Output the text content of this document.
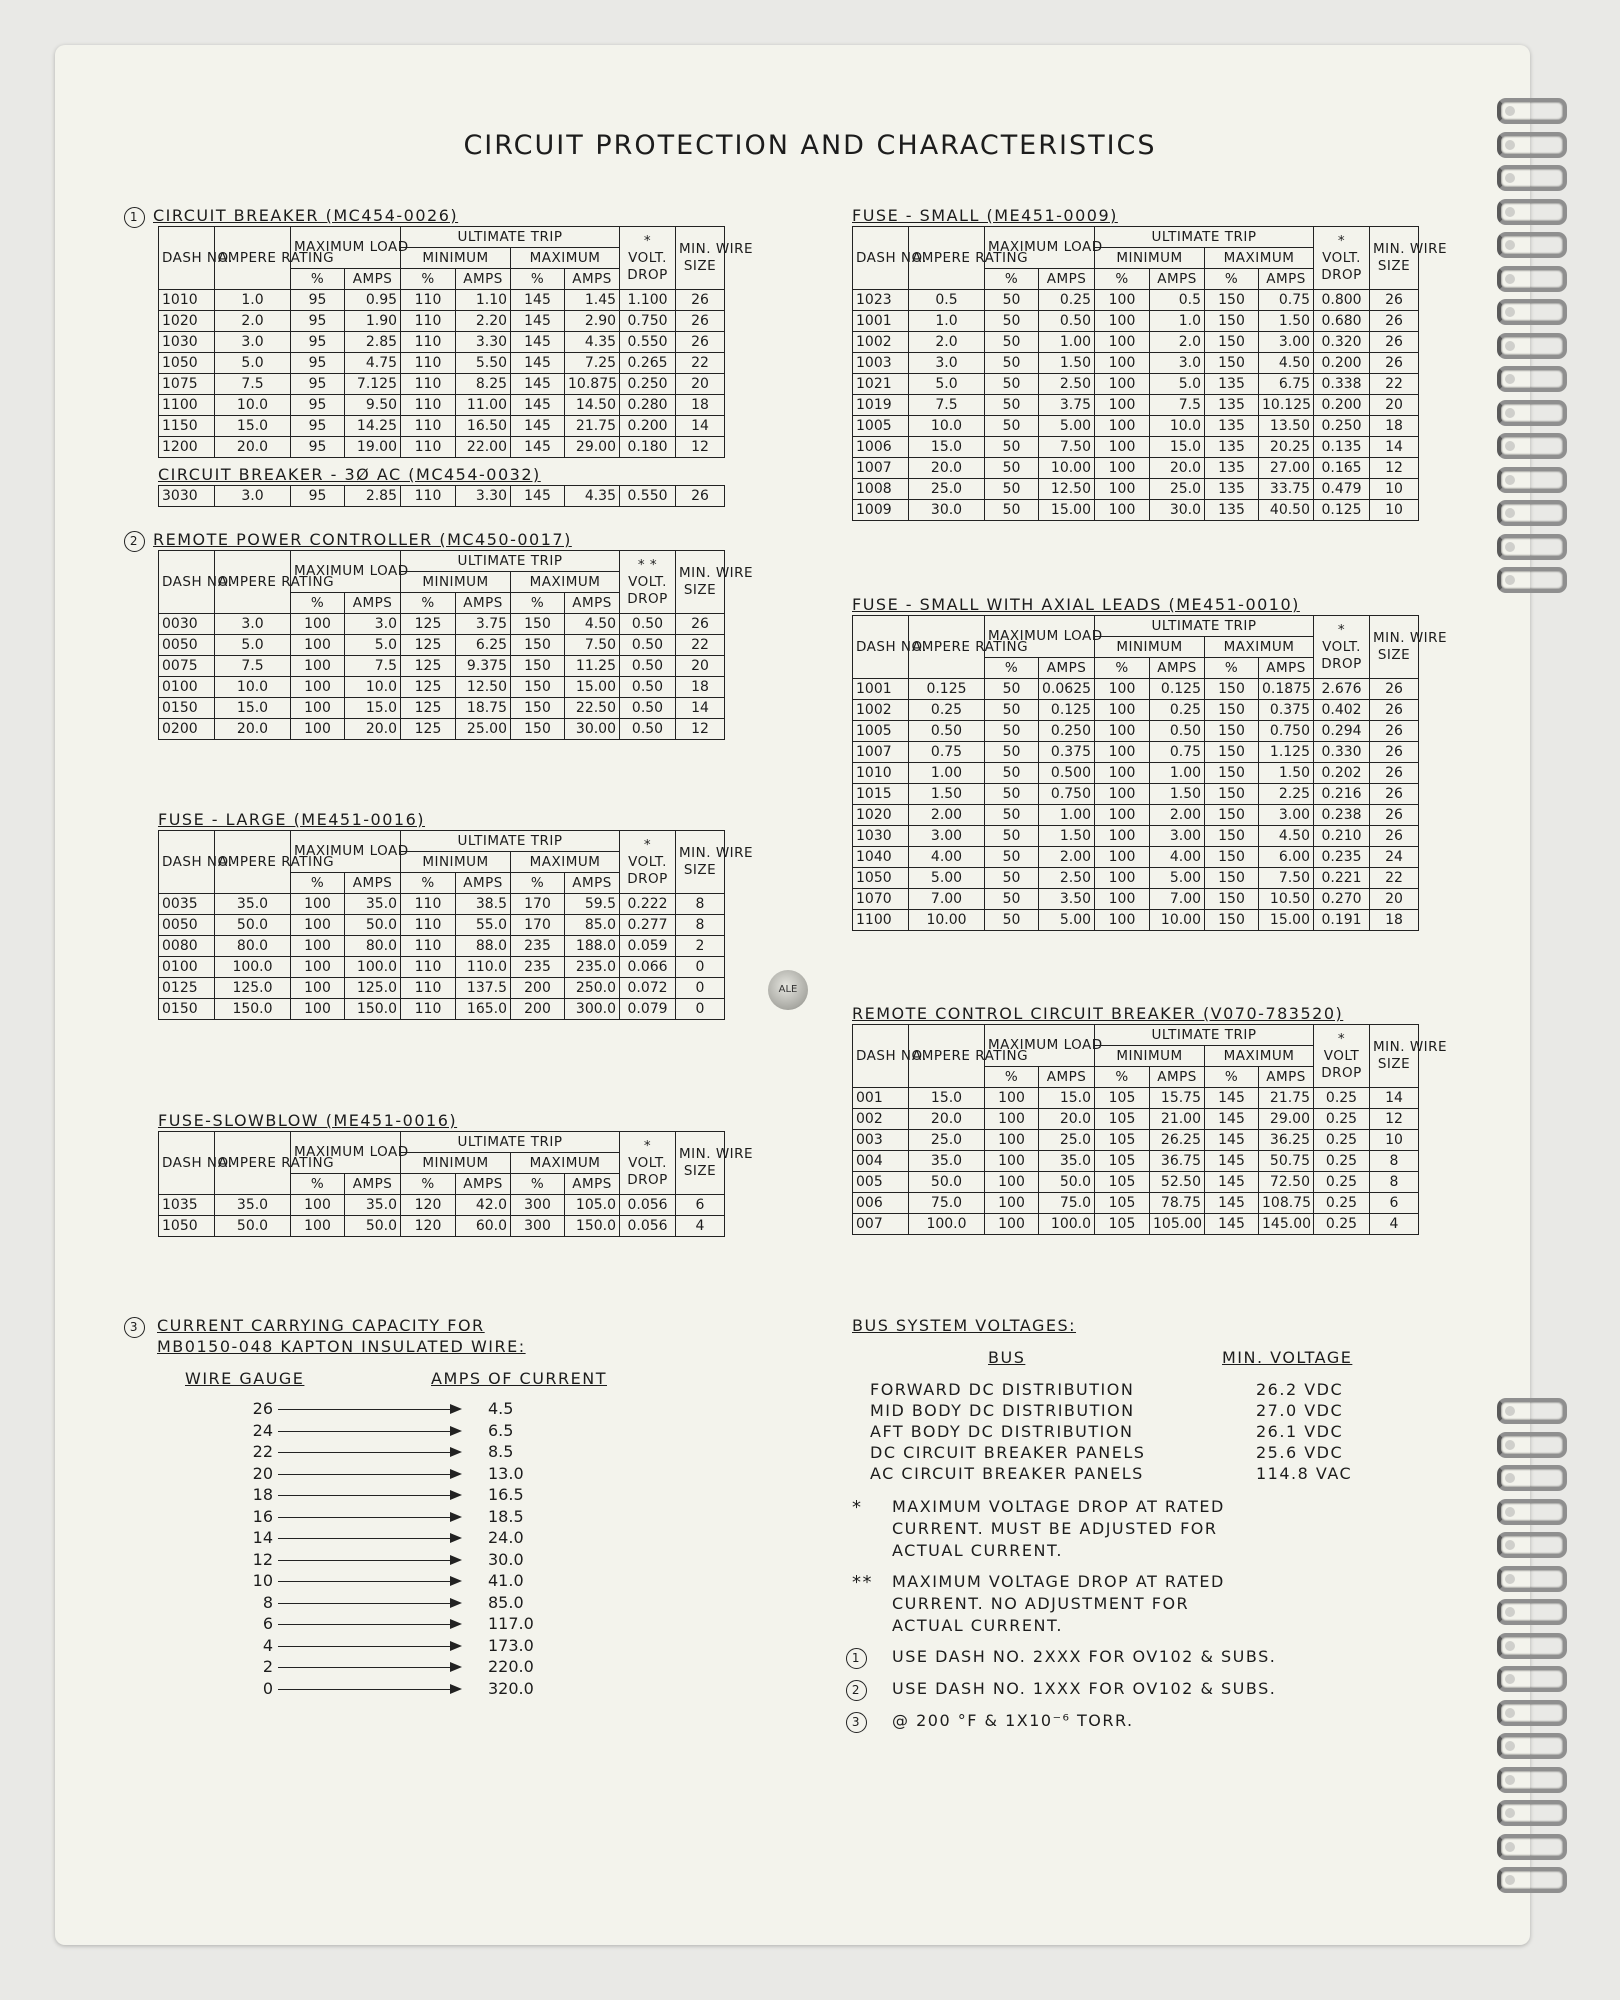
CIRCUIT PROTECTION AND CHARACTERISTICS
1 CIRCUIT BREAKER (MC454-0026)
DASH NO.	AMPERE RATING	MAXIMUM LOAD		ULTIMATE TRIP				*
VOLT.
DROP	MIN. WIRE
SIZE
				MINIMUM		MAXIMUM			
		%	AMPS	%	AMPS	%	AMPS		
1010	1.0	95	0.95	110	1.10	145	1.45	1.100	26
1020	2.0	95	1.90	110	2.20	145	2.90	0.750	26
1030	3.0	95	2.85	110	3.30	145	4.35	0.550	26
1050	5.0	95	4.75	110	5.50	145	7.25	0.265	22
1075	7.5	95	7.125	110	8.25	145	10.875	0.250	20
1100	10.0	95	9.50	110	11.00	145	14.50	0.280	18
1150	15.0	95	14.25	110	16.50	145	21.75	0.200	14
1200	20.0	95	19.00	110	22.00	145	29.00	0.180	12
CIRCUIT BREAKER - 3Ø AC (MC454-0032)
3030	3.0	95	2.85	110	3.30	145	4.35	0.550	26
2 REMOTE POWER CONTROLLER (MC450-0017)
DASH NO.	AMPERE RATING	MAXIMUM LOAD		ULTIMATE TRIP				* *
VOLT.
DROP	MIN. WIRE
SIZE
				MINIMUM		MAXIMUM			
		%	AMPS	%	AMPS	%	AMPS		
0030	3.0	100	3.0	125	3.75	150	4.50	0.50	26
0050	5.0	100	5.0	125	6.25	150	7.50	0.50	22
0075	7.5	100	7.5	125	9.375	150	11.25	0.50	20
0100	10.0	100	10.0	125	12.50	150	15.00	0.50	18
0150	15.0	100	15.0	125	18.75	150	22.50	0.50	14
0200	20.0	100	20.0	125	25.00	150	30.00	0.50	12
FUSE - LARGE (ME451-0016)
DASH NO.	AMPERE RATING	MAXIMUM LOAD		ULTIMATE TRIP				*
VOLT.
DROP	MIN. WIRE
SIZE
				MINIMUM		MAXIMUM			
		%	AMPS	%	AMPS	%	AMPS		
0035	35.0	100	35.0	110	38.5	170	59.5	0.222	8
0050	50.0	100	50.0	110	55.0	170	85.0	0.277	8
0080	80.0	100	80.0	110	88.0	235	188.0	0.059	2
0100	100.0	100	100.0	110	110.0	235	235.0	0.066	0
0125	125.0	100	125.0	110	137.5	200	250.0	0.072	0
0150	150.0	100	150.0	110	165.0	200	300.0	0.079	0
FUSE-SLOWBLOW (ME451-0016)
DASH NO.	AMPERE RATING	MAXIMUM LOAD		ULTIMATE TRIP				*
VOLT.
DROP	MIN. WIRE
SIZE
				MINIMUM		MAXIMUM			
		%	AMPS	%	AMPS	%	AMPS		
1035	35.0	100	35.0	120	42.0	300	105.0	0.056	6
1050	50.0	100	50.0	120	60.0	300	150.0	0.056	4
FUSE - SMALL (ME451-0009)
DASH NO.	AMPERE RATING	MAXIMUM LOAD		ULTIMATE TRIP				*
VOLT.
DROP	MIN. WIRE
SIZE
				MINIMUM		MAXIMUM			
		%	AMPS	%	AMPS	%	AMPS		
1023	0.5	50	0.25	100	0.5	150	0.75	0.800	26
1001	1.0	50	0.50	100	1.0	150	1.50	0.680	26
1002	2.0	50	1.00	100	2.0	150	3.00	0.320	26
1003	3.0	50	1.50	100	3.0	150	4.50	0.200	26
1021	5.0	50	2.50	100	5.0	135	6.75	0.338	22
1019	7.5	50	3.75	100	7.5	135	10.125	0.200	20
1005	10.0	50	5.00	100	10.0	135	13.50	0.250	18
1006	15.0	50	7.50	100	15.0	135	20.25	0.135	14
1007	20.0	50	10.00	100	20.0	135	27.00	0.165	12
1008	25.0	50	12.50	100	25.0	135	33.75	0.479	10
1009	30.0	50	15.00	100	30.0	135	40.50	0.125	10
FUSE - SMALL WITH AXIAL LEADS (ME451-0010)
DASH NO.	AMPERE RATING	MAXIMUM LOAD		ULTIMATE TRIP				*
VOLT.
DROP	MIN. WIRE
SIZE
				MINIMUM		MAXIMUM			
		%	AMPS	%	AMPS	%	AMPS		
1001	0.125	50	0.0625	100	0.125	150	0.1875	2.676	26
1002	0.25	50	0.125	100	0.25	150	0.375	0.402	26
1005	0.50	50	0.250	100	0.50	150	0.750	0.294	26
1007	0.75	50	0.375	100	0.75	150	1.125	0.330	26
1010	1.00	50	0.500	100	1.00	150	1.50	0.202	26
1015	1.50	50	0.750	100	1.50	150	2.25	0.216	26
1020	2.00	50	1.00	100	2.00	150	3.00	0.238	26
1030	3.00	50	1.50	100	3.00	150	4.50	0.210	26
1040	4.00	50	2.00	100	4.00	150	6.00	0.235	24
1050	5.00	50	2.50	100	5.00	150	7.50	0.221	22
1070	7.00	50	3.50	100	7.00	150	10.50	0.270	20
1100	10.00	50	5.00	100	10.00	150	15.00	0.191	18
REMOTE CONTROL CIRCUIT BREAKER (V070-783520)
DASH NO.	AMPERE RATING	MAXIMUM LOAD		ULTIMATE TRIP				*
VOLT
DROP	MIN. WIRE
SIZE
				MINIMUM		MAXIMUM			
		%	AMPS	%	AMPS	%	AMPS		
001	15.0	100	15.0	105	15.75	145	21.75	0.25	14
002	20.0	100	20.0	105	21.00	145	29.00	0.25	12
003	25.0	100	25.0	105	26.25	145	36.25	0.25	10
004	35.0	100	35.0	105	36.75	145	50.75	0.25	8
005	50.0	100	50.0	105	52.50	145	72.50	0.25	8
006	75.0	100	75.0	105	78.75	145	108.75	0.25	6
007	100.0	100	100.0	105	105.00	145	145.00	0.25	4
ALE
3	CURRENT CARRYING CAPACITY FOR
MB0150-048 KAPTON INSULATED WIRE:
WIRE GAUGE	AMPS OF CURRENT
26	4.5
24	6.5
22	8.5
20	13.0
18	16.5
16	18.5
14	24.0
12	30.0
10	41.0
8	85.0
6	117.0
4	173.0
2	220.0
0	320.0
BUS SYSTEM VOLTAGES:
BUS	MIN. VOLTAGE
FORWARD DC DISTRIBUTION	26.2 VDC
MID BODY DC DISTRIBUTION	27.0 VDC
AFT BODY DC DISTRIBUTION	26.1 VDC
DC CIRCUIT BREAKER PANELS	25.6 VDC
AC CIRCUIT BREAKER PANELS	114.8 VAC
* MAXIMUM VOLTAGE DROP AT RATED
CURRENT. MUST BE ADJUSTED FOR
ACTUAL CURRENT.
** MAXIMUM VOLTAGE DROP AT RATED
CURRENT. NO ADJUSTMENT FOR
ACTUAL CURRENT.
1	USE DASH NO. 2XXX FOR OV102 & SUBS.
2	USE DASH NO. 1XXX FOR OV102 & SUBS.
3	@ 200 °F & 1X10⁻⁶ TORR.
